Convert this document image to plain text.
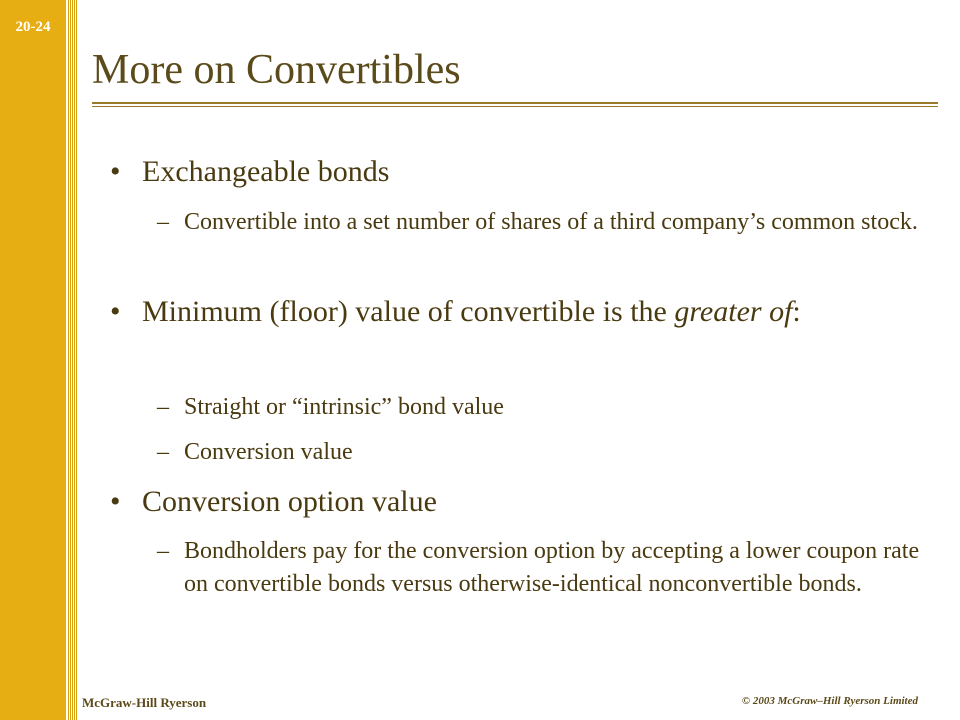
20-24
More on Convertibles
• Exchangeable bonds
– Convertible into a set number of shares of a third company’s common stock.
• Minimum (floor) value of convertible is the greater of:
– Straight or “intrinsic” bond value
– Conversion value
• Conversion option value
– Bondholders pay for the conversion option by accepting a lower coupon rate on convertible bonds versus otherwise-identical nonconvertible bonds.
McGraw-Hill Ryerson	© 2003 McGraw–Hill Ryerson Limited
